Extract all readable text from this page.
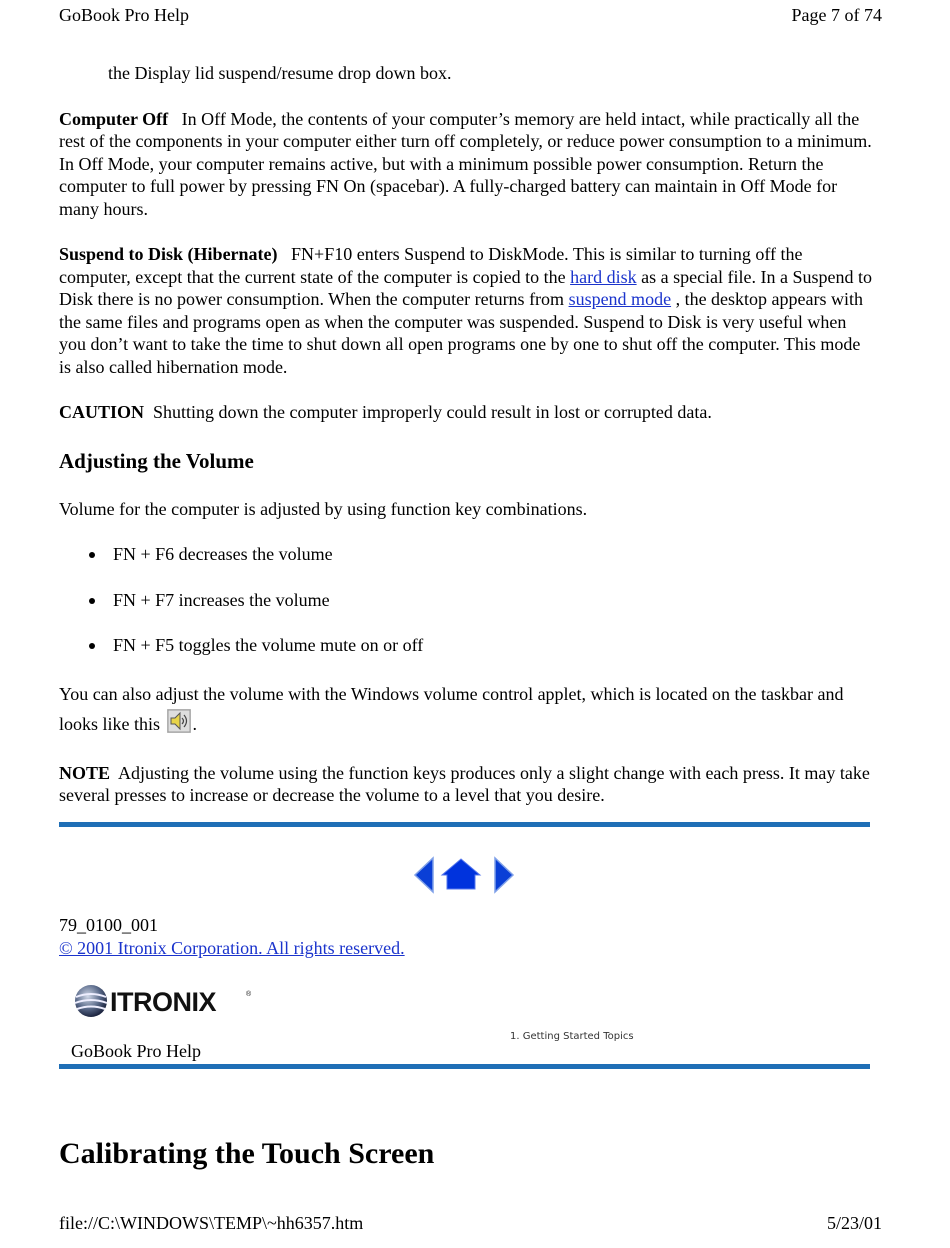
GoBook Pro Help	Page 7 of 74

the Display lid suspend/resume drop down box.

Computer Off In Off Mode, the contents of your computer’s memory are held intact, while practically all the rest of the components in your computer either turn off completely, or reduce power consumption to a minimum. In Off Mode, your computer remains active, but with a minimum possible power consumption. Return the computer to full power by pressing FN On (spacebar). A fully-charged battery can maintain in Off Mode for many hours.

Suspend to Disk (Hibernate) FN+F10 enters Suspend to DiskMode. This is similar to turning off the computer, except that the current state of the computer is copied to the hard disk as a special file. In a Suspend to Disk there is no power consumption. When the computer returns from suspend mode , the desktop appears with the same files and programs open as when the computer was suspended. Suspend to Disk is very useful when you don’t want to take the time to shut down all open programs one by one to shut off the computer. This mode is also called hibernation mode.

CAUTION Shutting down the computer improperly could result in lost or corrupted data.

Adjusting the Volume

Volume for the computer is adjusted by using function key combinations.

FN + F6 decreases the volume
FN + F7 increases the volume
FN + F5 toggles the volume mute on or off

You can also adjust the volume with the Windows volume control applet, which is located on the taskbar and looks like this .

NOTE Adjusting the volume using the function keys produces only a slight change with each press. It may take several presses to increase or decrease the volume to a level that you desire.

79_0100_001
© 2001 Itronix Corporation. All rights reserved.
ITRONIX	®
1. Getting Started Topics
GoBook Pro Help
Calibrating the Touch Screen
file://C:\WINDOWS\TEMP\~hh6357.htm	5/23/01
